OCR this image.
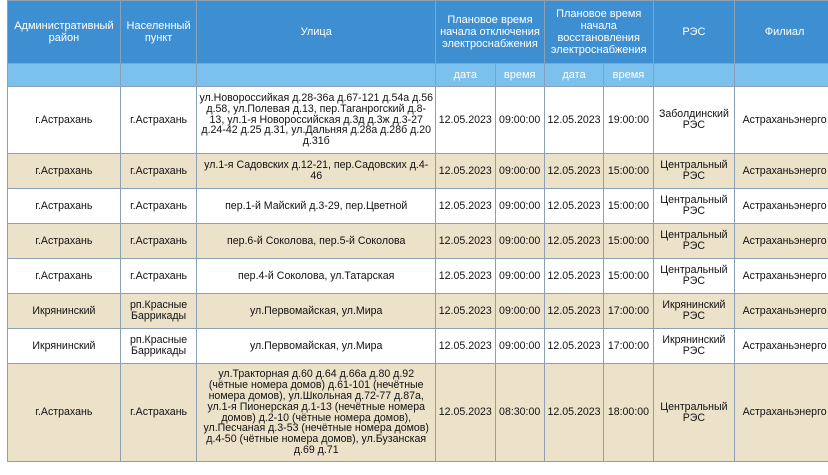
Административный район	Населенный пункт	Улица	Плановое время начала отключения электроснабжения		Плановое время начала восстановления электроснабжения		РЭС	Филиал
			дата	время	дата	время		
г.Астрахань	г.Астрахань	ул.Новороссийкая д.28-36а д.67-121 д.54а д.56 д.58, ул.Полевая д.13, пер.Таганрогский д.8-13, ул.1-я Новороссийская д.3д д.3ж д.3-27 д.24-42 д.25 д.31, ул.Дальняя д.28а д.28б д.20 д.31б	12.05.2023	09:00:00	12.05.2023	19:00:00	Заболдинский РЭС	Астраханьэнерго
г.Астрахань	г.Астрахань	ул.1-я Садовских д.12-21, пер.Садовских д.4-46	12.05.2023	09:00:00	12.05.2023	15:00:00	Центральный РЭС	Астраханьэнерго
г.Астрахань	г.Астрахань	пер.1-й Майский д.3-29, пер.Цветной	12.05.2023	09:00:00	12.05.2023	15:00:00	Центральный РЭС	Астраханьэнерго
г.Астрахань	г.Астрахань	пер.6-й Соколова, пер.5-й Соколова	12.05.2023	09:00:00	12.05.2023	15:00:00	Центральный РЭС	Астраханьэнерго
г.Астрахань	г.Астрахань	пер.4-й Соколова, ул.Татарская	12.05.2023	09:00:00	12.05.2023	15:00:00	Центральный РЭС	Астраханьэнерго
Икрянинский	рп.Красные Баррикады	ул.Первомайская, ул.Мира	12.05.2023	09:00:00	12.05.2023	17:00:00	Икрянинский РЭС	Астраханьэнерго
Икрянинский	рп.Красные Баррикады	ул.Первомайская, ул.Мира	12.05.2023	09:00:00	12.05.2023	17:00:00	Икрянинский РЭС	Астраханьэнерго
г.Астрахань	г.Астрахань	ул.Тракторная д.60 д.64 д.66а д.80 д.92 (чётные номера домов) д.61-101 (нечётные номера домов), ул.Школьная д.72-77 д.87а, ул.1-я Пионерская д.1-13 (нечётные номера домов) д.2-10 (чётные номера домов), ул.Песчаная д.3-53 (нечётные номера домов) д.4-50 (чётные номера домов), ул.Бузанская д.69 д.71	12.05.2023	08:30:00	12.05.2023	18:00:00	Центральный РЭС	Астраханьэнерго
